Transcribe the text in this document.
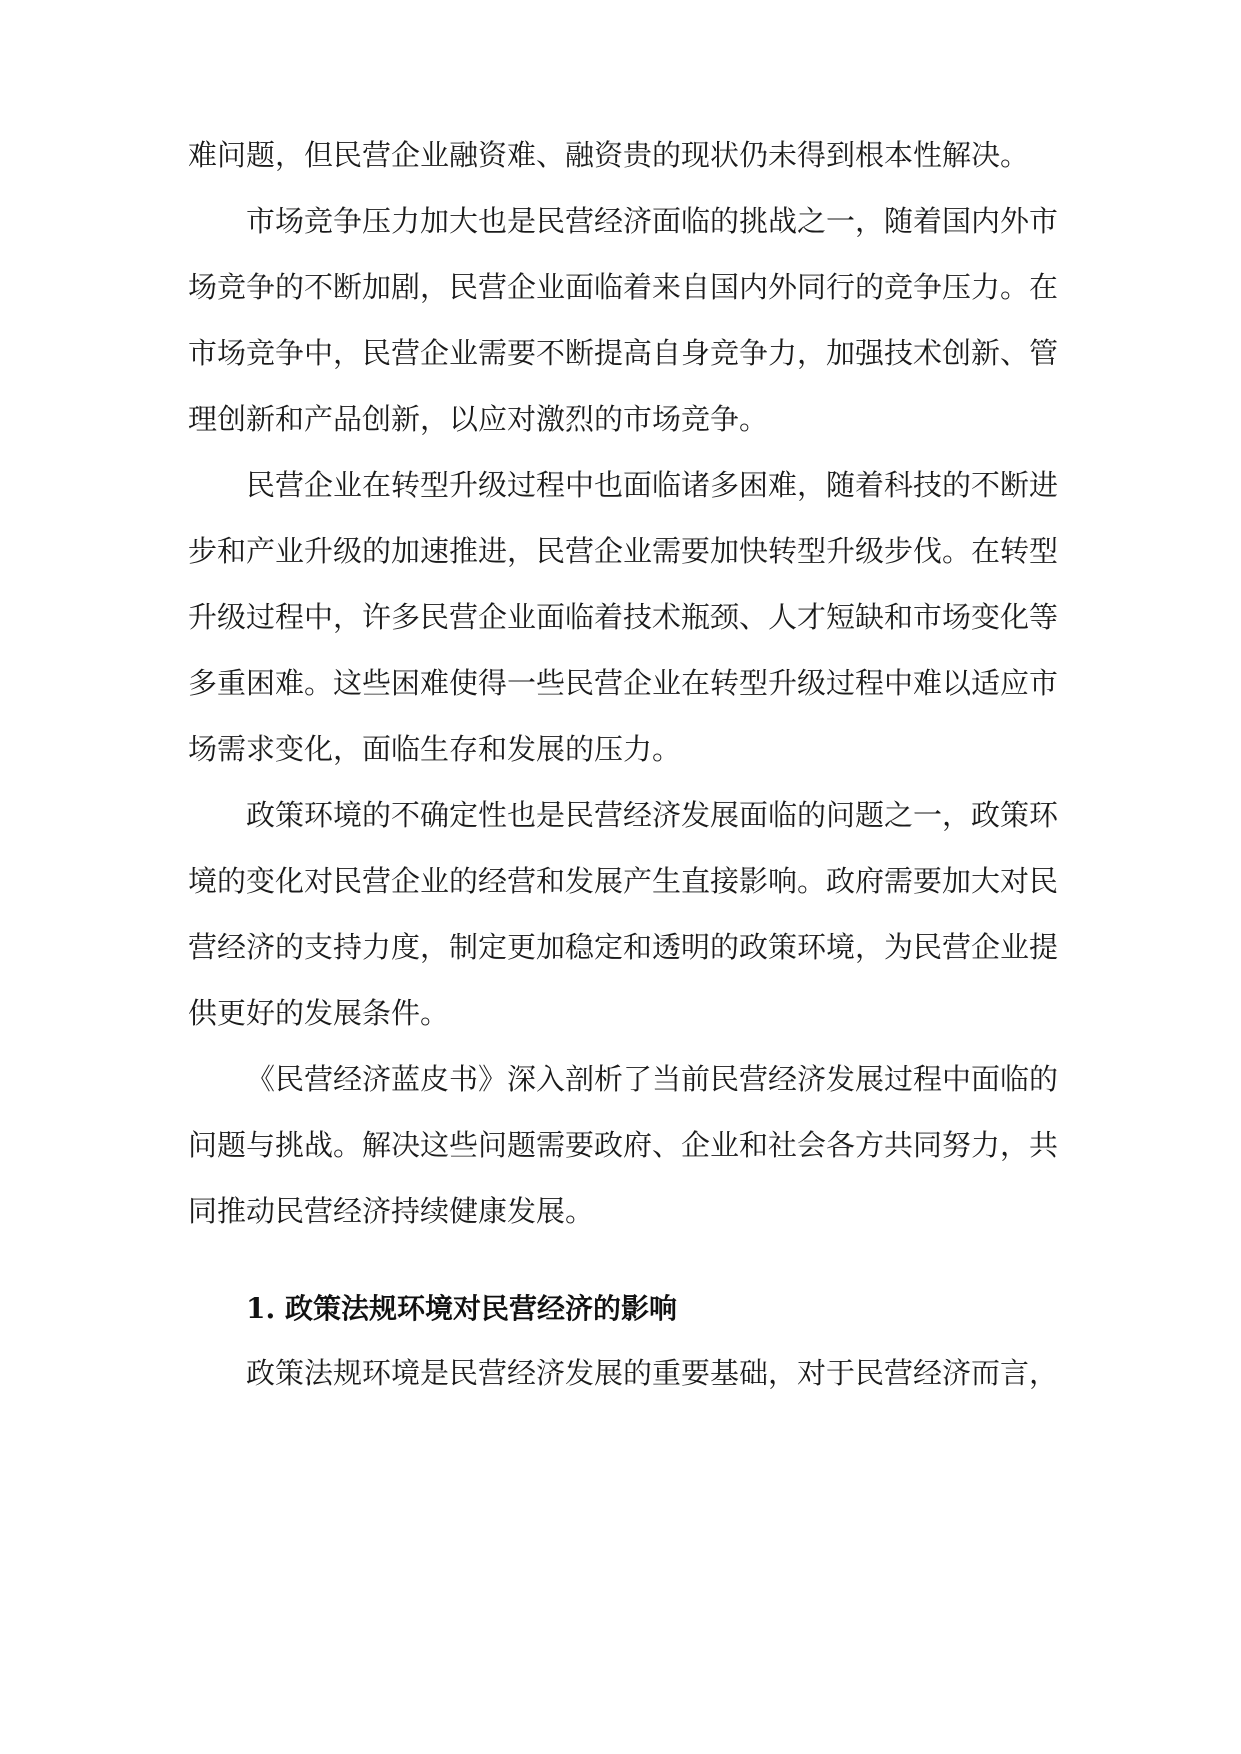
难问题，但民营企业融资难、融资贵的现状仍未得到根本性解决。
市场竞争压力加大也是民营经济面临的挑战之一，随着国内外市
场竞争的不断加剧，民营企业面临着来自国内外同行的竞争压力。在
市场竞争中，民营企业需要不断提高自身竞争力，加强技术创新、管
理创新和产品创新，以应对激烈的市场竞争。
民营企业在转型升级过程中也面临诸多困难，随着科技的不断进
步和产业升级的加速推进，民营企业需要加快转型升级步伐。在转型
升级过程中，许多民营企业面临着技术瓶颈、人才短缺和市场变化等
多重困难。这些困难使得一些民营企业在转型升级过程中难以适应市
场需求变化，面临生存和发展的压力。
政策环境的不确定性也是民营经济发展面临的问题之一，政策环
境的变化对民营企业的经营和发展产生直接影响。政府需要加大对民
营经济的支持力度，制定更加稳定和透明的政策环境，为民营企业提
供更好的发展条件。
《民营经济蓝皮书》深入剖析了当前民营经济发展过程中面临的
问题与挑战。解决这些问题需要政府、企业和社会各方共同努力，共
同推动民营经济持续健康发展。
1. 政策法规环境对民营经济的影响
政策法规环境是民营经济发展的重要基础，对于民营经济而言，
